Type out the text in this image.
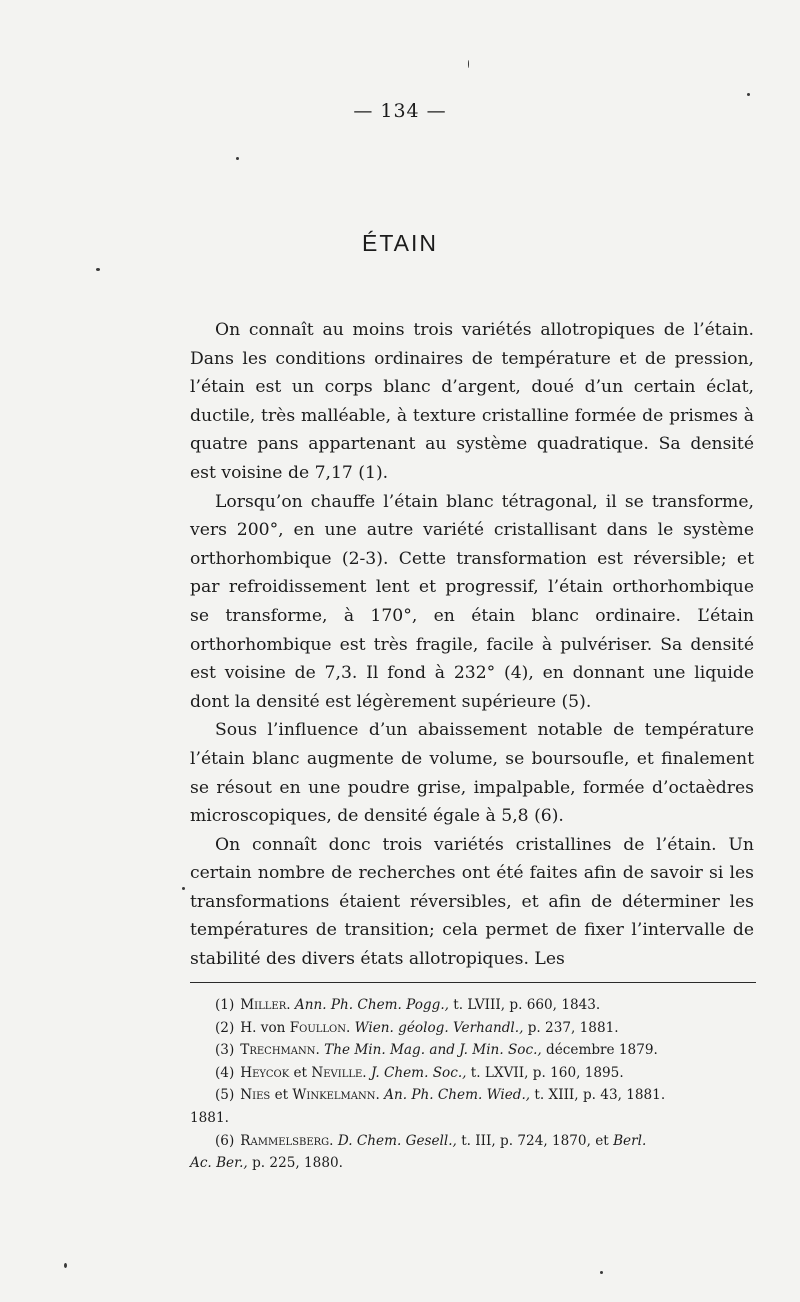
— 134 —
ÉTAIN

On connaît au moins trois variétés allotropiques de l’étain. Dans les conditions ordinaires de température et de pression, l’étain est un corps blanc d’argent, doué d’un certain éclat, ductile, très malléable, à texture cristalline formée de prismes à quatre pans appartenant au système quadratique. Sa densité est voisine de 7,17 (1).

Lorsqu’on chauffe l’étain blanc tétragonal, il se transforme, vers 200°, en une autre variété cristallisant dans le système orthorhombique (2-3). Cette transformation est réversible; et par refroidissement lent et progressif, l’étain orthorhombique se transforme, à 170°, en étain blanc ordinaire. L’étain orthorhombique est très fragile, facile à pulvériser. Sa densité est voisine de 7,3. Il fond à 232° (4), en donnant une liquide dont la densité est légèrement supérieure (5).

Sous l’influence d’un abaissement notable de température l’étain blanc augmente de volume, se boursoufle, et finalement se résout en une poudre grise, impalpable, formée d’octaèdres microscopiques, de densité égale à 5,8 (6).

On connaît donc trois variétés cristallines de l’étain. Un certain nombre de recherches ont été faites afin de savoir si les transformations étaient réversibles, et afin de déterminer les températures de transition; cela permet de fixer l’intervalle de stabilité des divers états allotropiques. Les

(1) Miller. Ann. Ph. Chem. Pogg., t. LVIII, p. 660, 1843.

(2) H. von Foullon. Wien. géolog. Verhandl., p. 237, 1881.

(3) Trechmann. The Min. Mag. and J. Min. Soc., décembre 1879.

(4) Heycok et Neville. J. Chem. Soc., t. LXVII, p. 160, 1895.

(5) Nies et Winkelmann. An. Ph. Chem. Wied., t. XIII, p. 43, 1881.

1881.

(6) Rammelsberg. D. Chem. Gesell., t. III, p. 724, 1870, et Berl.

Ac. Ber., p. 225, 1880.
